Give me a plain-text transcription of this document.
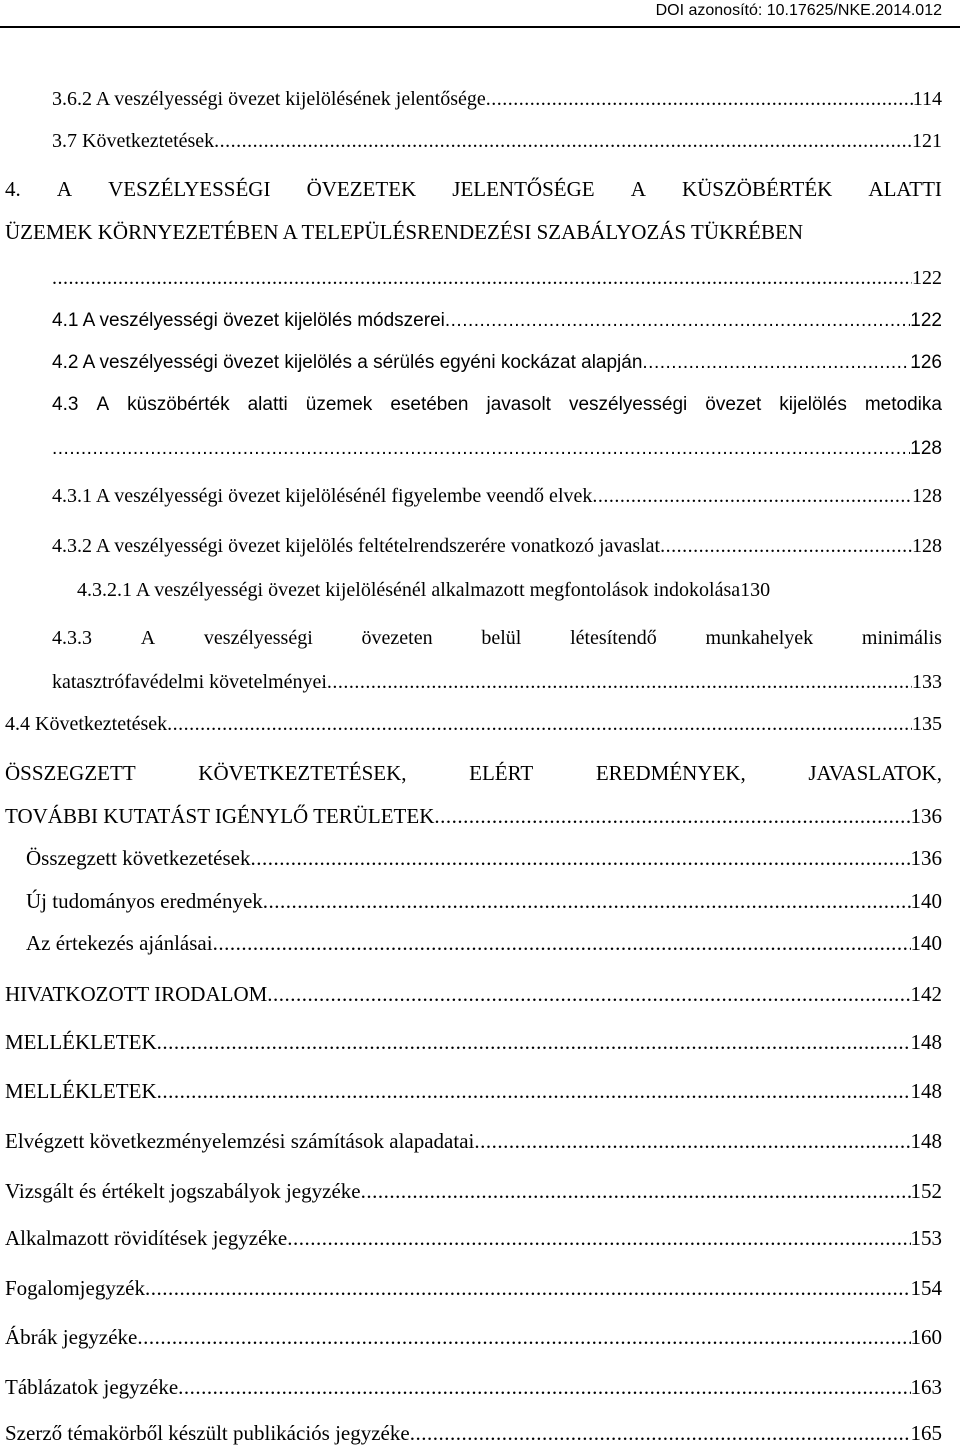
DOI azonosító: 10.17625/NKE.2014.012
3.6.2 A veszélyességi övezet kijelölésének jelentősége .....	114
3.7 Következtetések .....	121
4. A VESZÉLYESSÉGI ÖVEZETEK JELENTŐSÉGE A KÜSZÖBÉRTÉK ALATTI
ÜZEMEK KÖRNYEZETÉBEN A TELEPÜLÉSRENDEZÉSI SZABÁLYOZÁS TÜKRÉBEN
.....
122
4.1 A veszélyességi övezet kijelölés módszerei .....	122
4.2 A veszélyességi övezet kijelölés a sérülés egyéni kockázat alapján .....	126
4.3 A küszöbérték alatti üzemek esetében javasolt veszélyességi övezet kijelölés metodika
.....
128
4.3.1 A veszélyességi övezet kijelölésénél figyelembe veendő elvek .....	128
4.3.2 A veszélyességi övezet kijelölés feltételrendszerére vonatkozó javaslat .....	128
4.3.2.1 A veszélyességi övezet kijelölésénél alkalmazott megfontolások indokolása130
4.3.3 A veszélyességi övezeten belül létesítendő munkahelyek minimális
katasztrófavédelmi követelményei .....	133
4.4 Következtetések .....	135
ÖSSZEGZETT	KÖVETKEZTETÉSEK,	ELÉRT	EREDMÉNYEK,	JAVASLATOK,
TOVÁBBI KUTATÁST IGÉNYLŐ TERÜLETEK .....	136
Összegzett következetések .....	136
Új tudományos eredmények .....	140
Az értekezés ajánlásai .....	140
HIVATKOZOTT IRODALOM .....	142
MELLÉKLETEK .....	148
MELLÉKLETEK .....	148
Elvégzett következményelemzési számítások alapadatai .....	148
Vizsgált és értékelt jogszabályok jegyzéke .....	152
Alkalmazott rövidítések jegyzéke .....	153
Fogalomjegyzék .....	154
Ábrák jegyzéke .....	160
Táblázatok jegyzéke .....	163
Szerző témakörből készült publikációs jegyzéke .....	165
